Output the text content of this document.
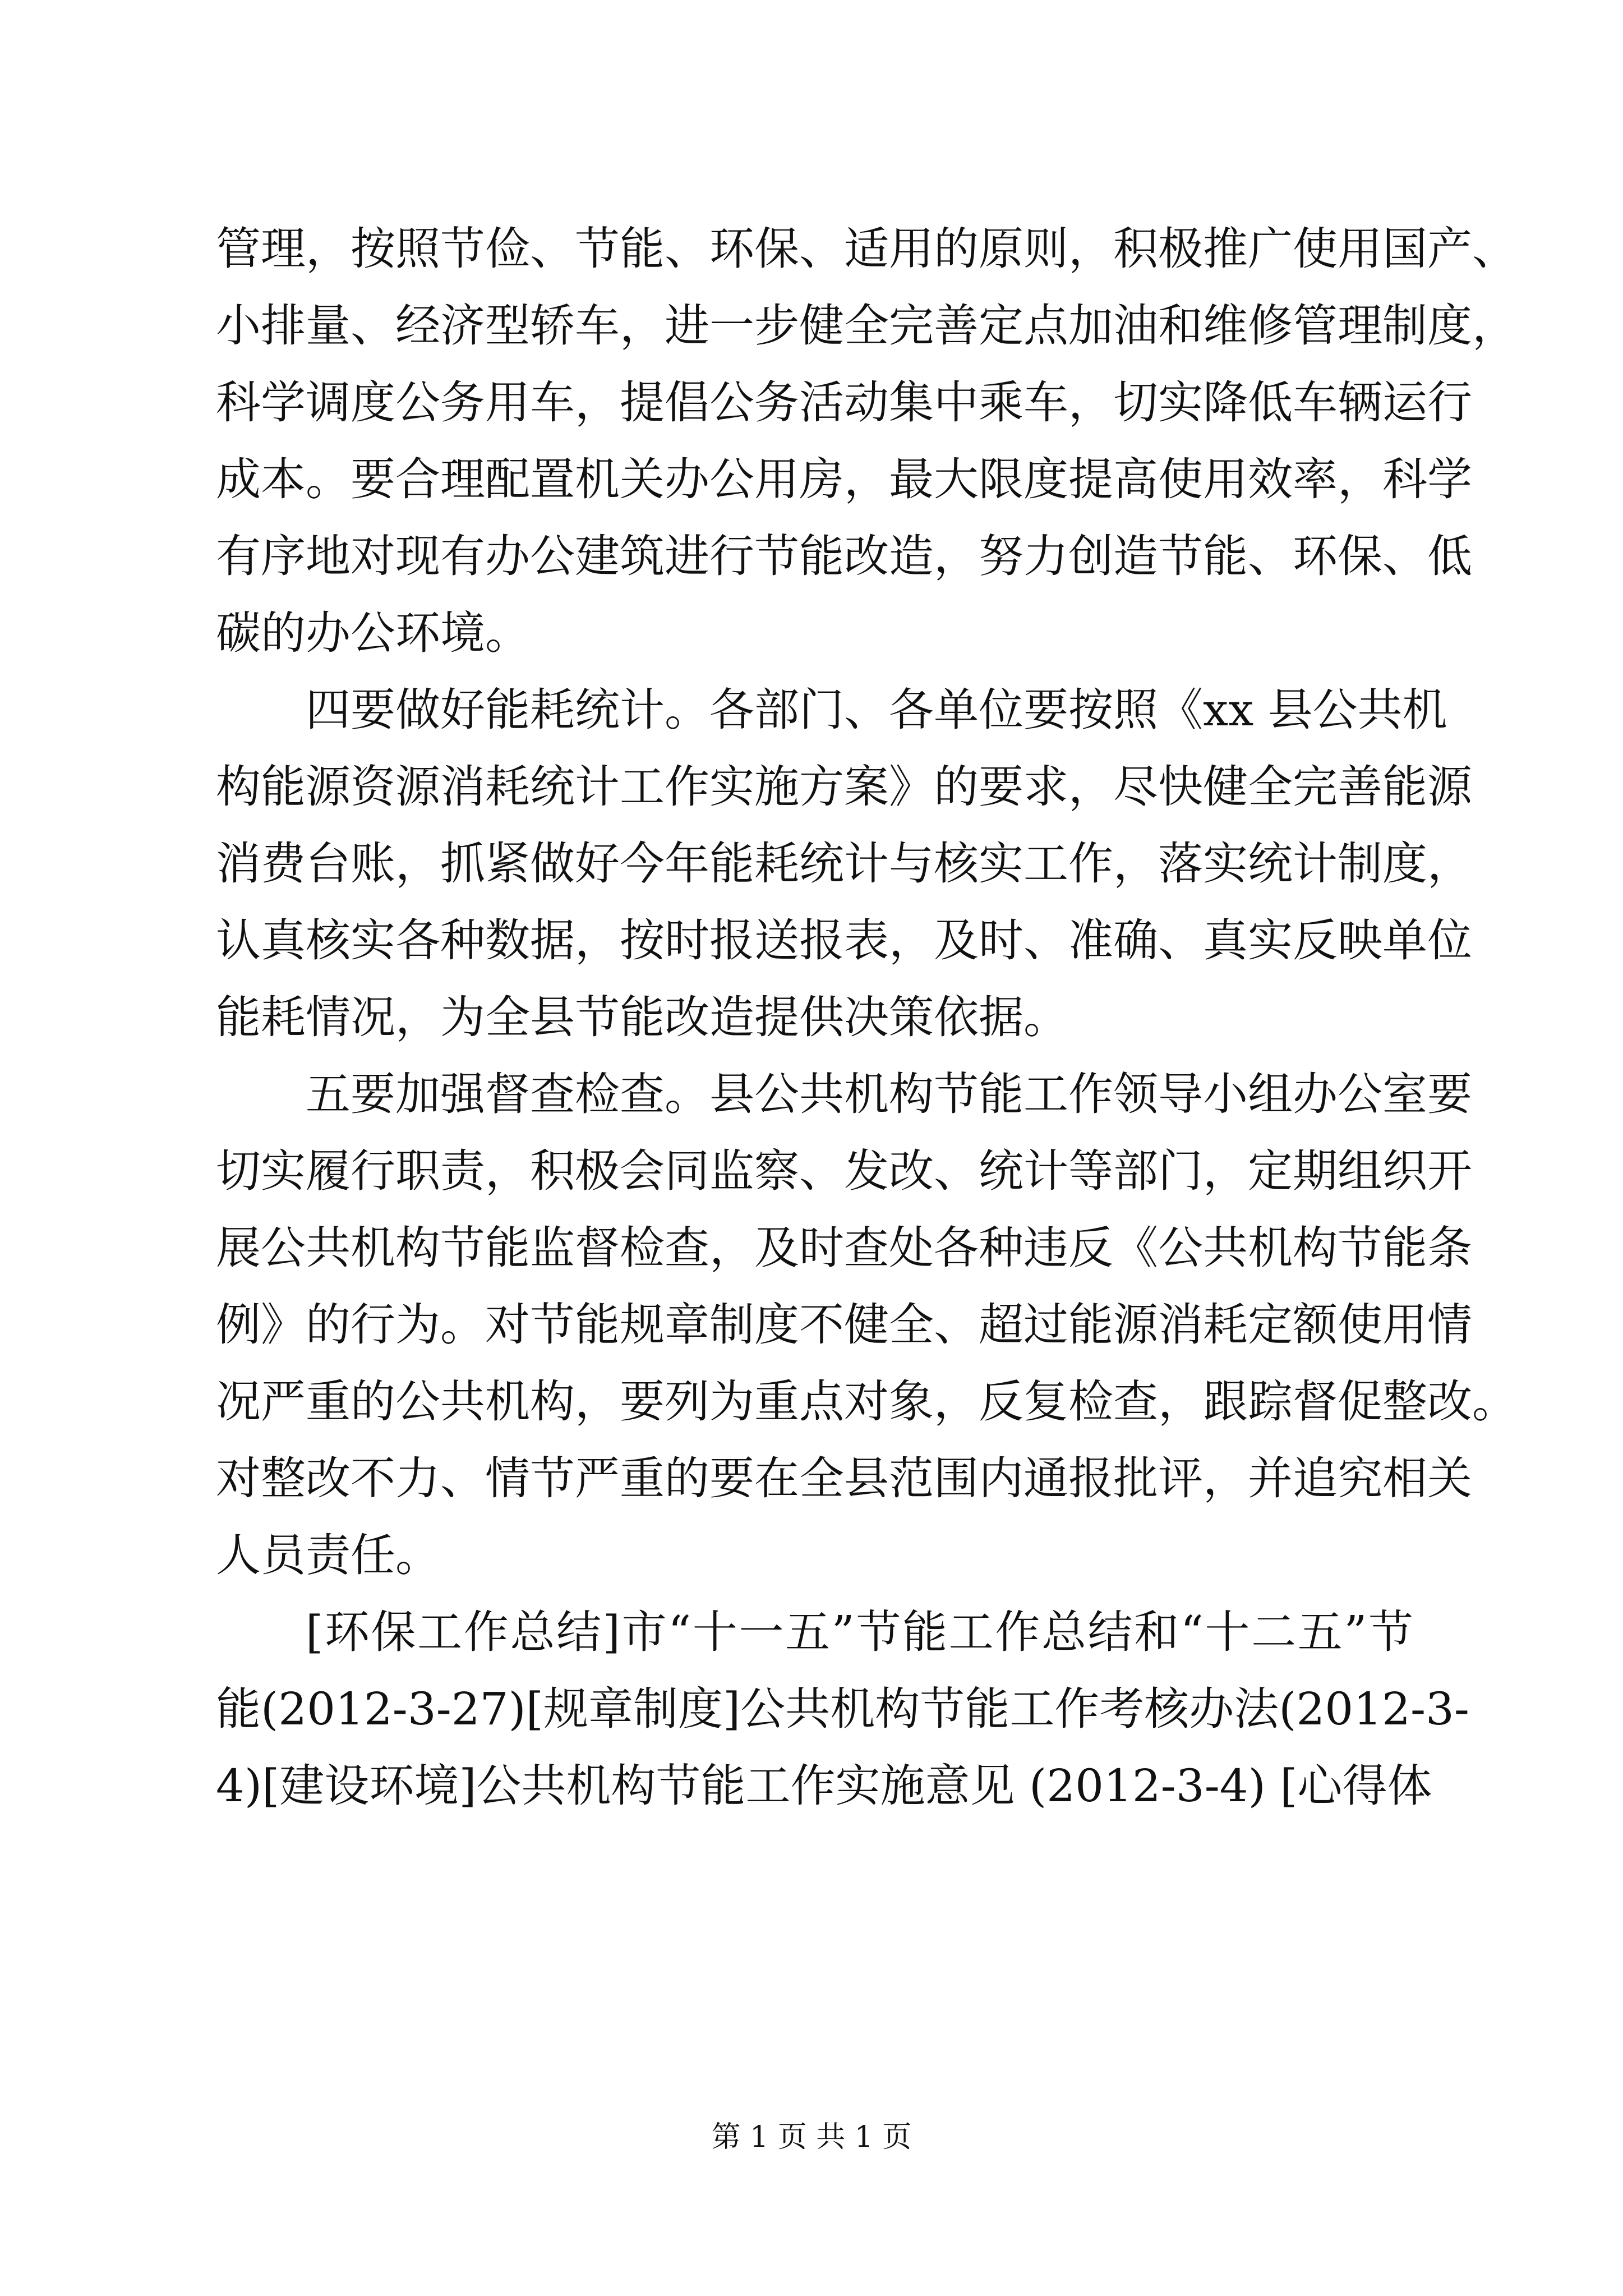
管理，按照节俭、节能、环保、适用的原则，积极推广使用国产、
小排量、经济型轿车，进一步健全完善定点加油和维修管理制度，
科学调度公务用车，提倡公务活动集中乘车，切实降低车辆运行
成本。要合理配置机关办公用房，最大限度提高使用效率，科学
有序地对现有办公建筑进行节能改造，努力创造节能、环保、低
碳的办公环境。
四要做好能耗统计。各部门、各单位要按照《xx 县公共机
构能源资源消耗统计工作实施方案》的要求，尽快健全完善能源
消费台账，抓紧做好今年能耗统计与核实工作，落实统计制度，
认真核实各种数据，按时报送报表，及时、准确、真实反映单位
能耗情况，为全县节能改造提供决策依据。
五要加强督查检查。县公共机构节能工作领导小组办公室要
切实履行职责，积极会同监察、发改、统计等部门，定期组织开
展公共机构节能监督检查，及时查处各种违反《公共机构节能条
例》的行为。对节能规章制度不健全、超过能源消耗定额使用情
况严重的公共机构，要列为重点对象，反复检查，跟踪督促整改。
对整改不力、情节严重的要在全县范围内通报批评，并追究相关
人员责任。
[环保工作总结]市“十一五”节能工作总结和“十二五”节
能(2012-3-27)[规章制度]公共机构节能工作考核办法(2012-3-
4)[建设环境]公共机构节能工作实施意见 (2012-3-4) [心得体
第 1 页 共 1 页
